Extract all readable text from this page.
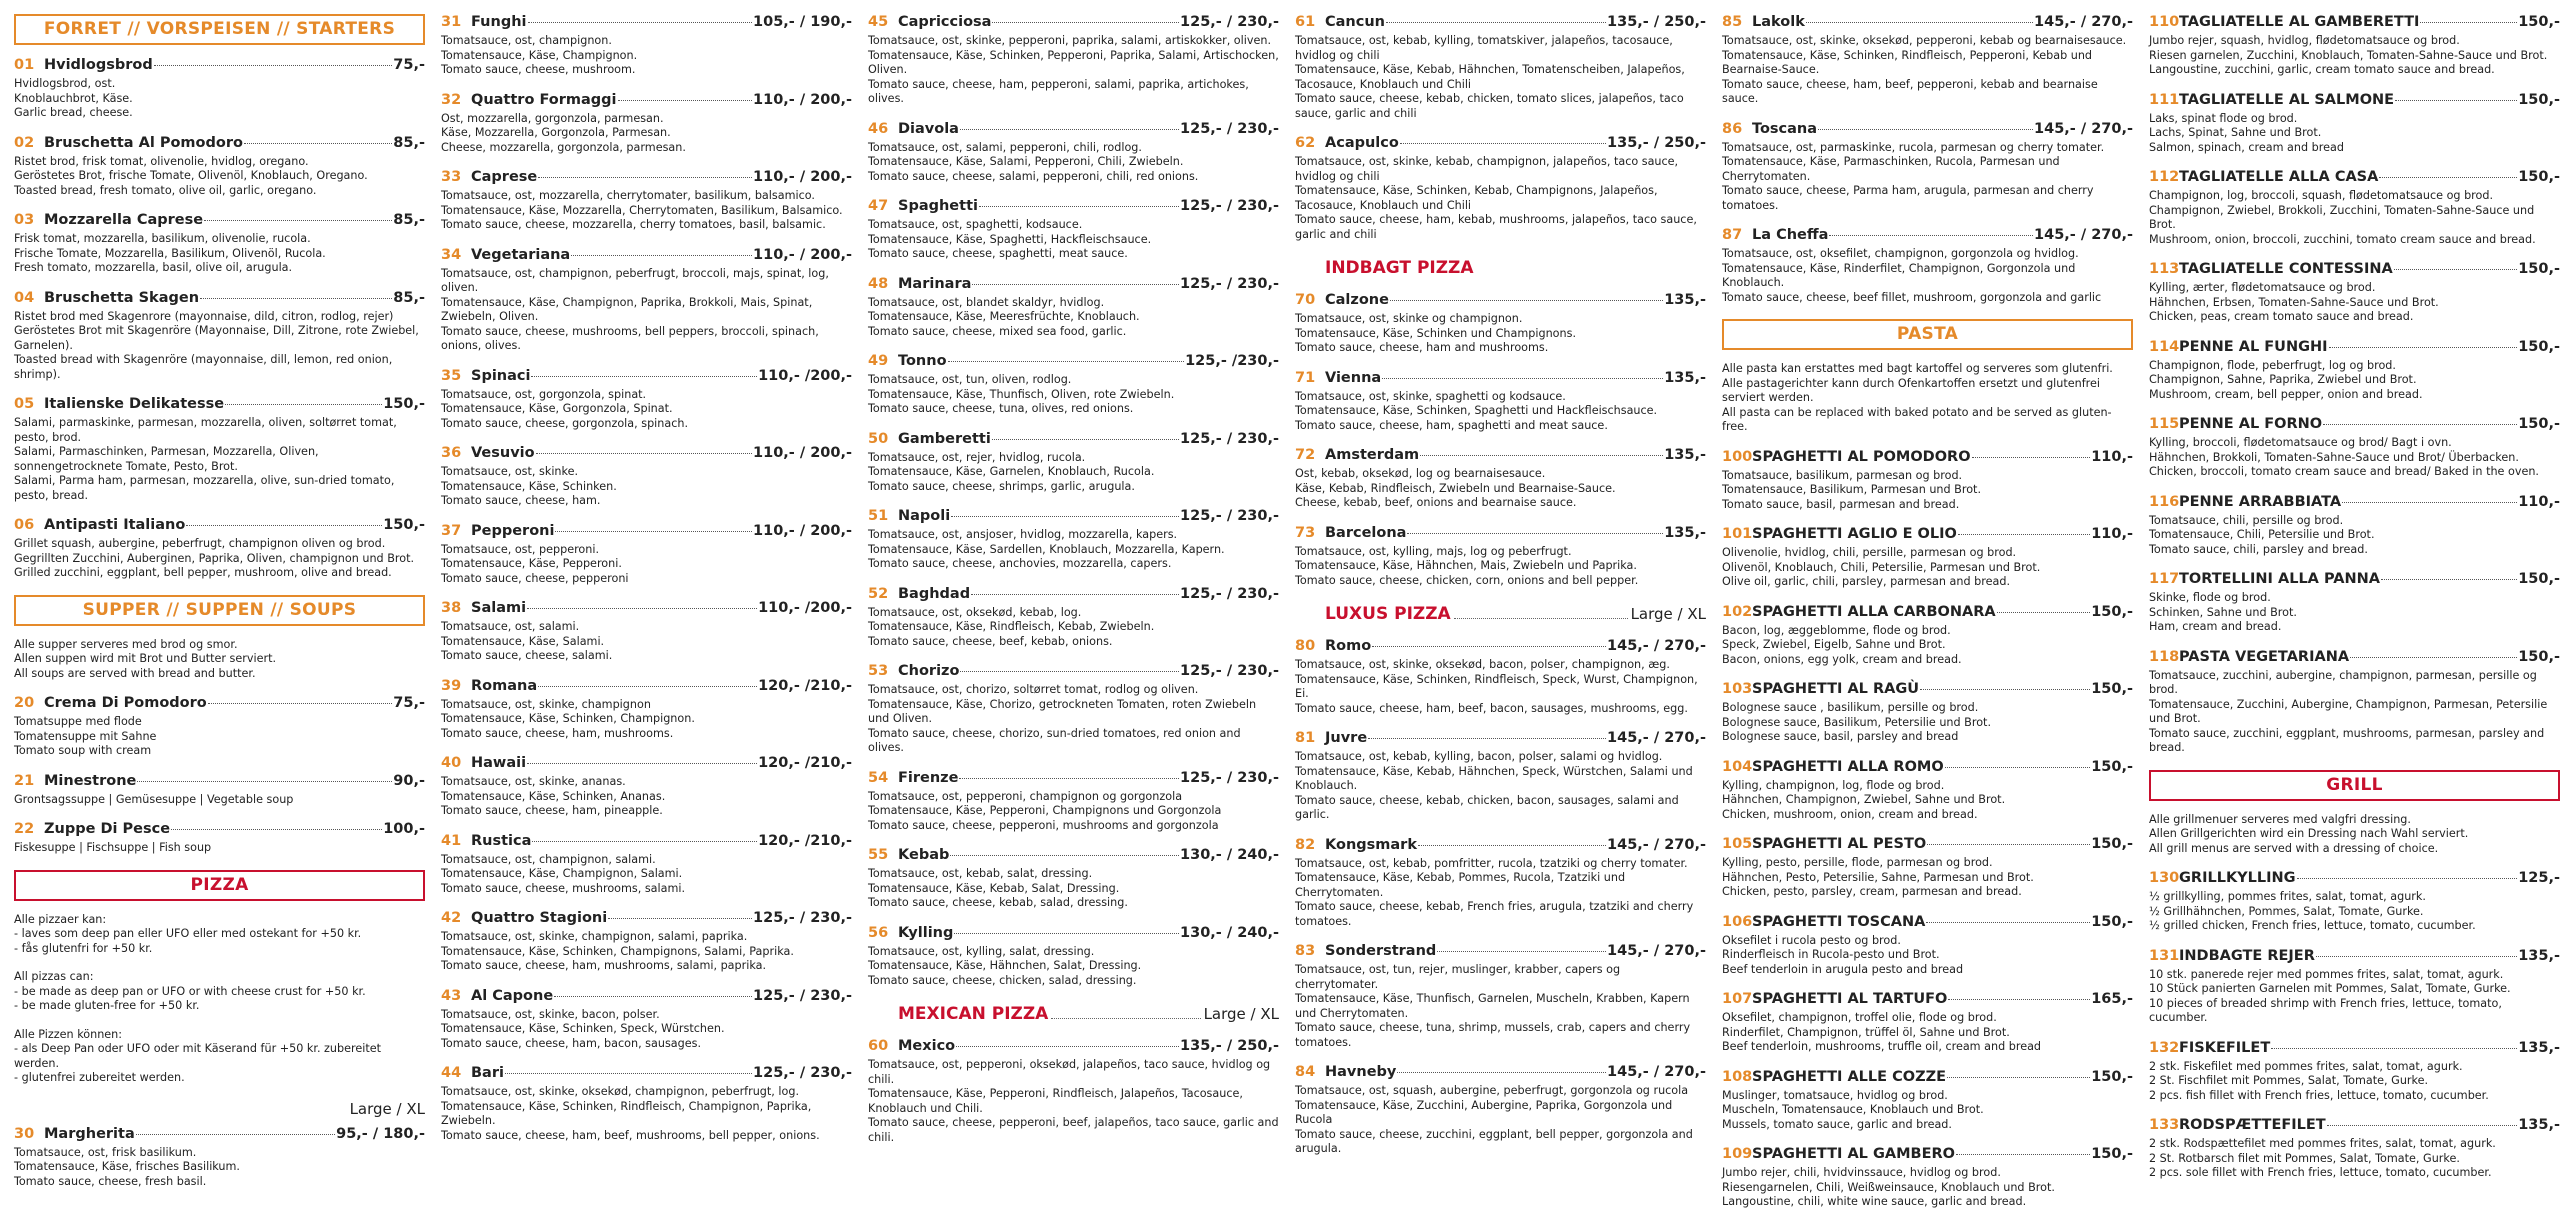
FORRET // VORSPEISEN // STARTERS
01 Hvidlogsbrod	75,-
Hvidlogsbrod, ost.
Knoblauchbrot, Käse.
Garlic bread, cheese.
02 Bruschetta Al Pomodoro	85,-
Ristet brod, frisk tomat, olivenolie, hvidlog, oregano.
Geröstetes Brot, frische Tomate, Olivenöl, Knoblauch, Oregano.
Toasted bread, fresh tomato, olive oil, garlic, oregano.
03 Mozzarella Caprese	85,-
Frisk tomat, mozzarella, basilikum, olivenolie, rucola.
Frische Tomate, Mozzarella, Basilikum, Olivenöl, Rucola.
Fresh tomato, mozzarella, basil, olive oil, arugula.
04 Bruschetta Skagen	85,-
Ristet brod med Skagenrore (mayonnaise, dild, citron, rodlog, rejer)
Geröstetes Brot mit Skagenröre (Mayonnaise, Dill, Zitrone, rote Zwiebel, Garnelen).
Toasted bread with Skagenröre (mayonnaise, dill, lemon, red onion, shrimp).
05 Italienske Delikatesse	150,-
Salami, parmaskinke, parmesan, mozzarella, oliven, soltørret tomat, pesto, brod.
Salami, Parmaschinken, Parmesan, Mozzarella, Oliven, sonnengetrocknete Tomate, Pesto, Brot.
Salami, Parma ham, parmesan, mozzarella, olive, sun-dried tomato, pesto, bread.
06 Antipasti Italiano	150,-
Grillet squash, aubergine, peberfrugt, champignon oliven og brod.
Gegrillten Zucchini, Auberginen, Paprika, Oliven, champignon und Brot.
Grilled zucchini, eggplant, bell pepper, mushroom, olive and bread.
SUPPER // SUPPEN // SOUPS
Alle supper serveres med brod og smor.
Allen suppen wird mit Brot und Butter serviert.
All soups are served with bread and butter.
20 Crema Di Pomodoro	75,-
Tomatsuppe med flode
Tomatensuppe mit Sahne
Tomato soup with cream
21 Minestrone	90,-
Grontsagssuppe | Gemüsesuppe | Vegetable soup
22 Zuppe Di Pesce	100,-
Fiskesuppe | Fischsuppe | Fish soup
PIZZA
Alle pizzaer kan:
- laves som deep pan eller UFO eller med ostekant for +50 kr.
- fås glutenfri for +50 kr.
All pizzas can:
- be made as deep pan or UFO or with cheese crust for +50 kr.
- be made gluten-free for +50 kr.
Alle Pizzen können:
- als Deep Pan oder UFO oder mit Käserand für +50 kr. zubereitet werden.
- glutenfrei zubereitet werden.
Large / XL
30 Margherita	95,- / 180,-
Tomatsauce, ost, frisk basilikum.
Tomatensauce, Käse, frisches Basilikum.
Tomato sauce, cheese, fresh basil.
31 Funghi	105,- / 190,-
Tomatsauce, ost, champignon.
Tomatensauce, Käse, Champignon.
Tomato sauce, cheese, mushroom.
32 Quattro Formaggi	110,- / 200,-
Ost, mozzarella, gorgonzola, parmesan.
Käse, Mozzarella, Gorgonzola, Parmesan.
Cheese, mozzarella, gorgonzola, parmesan.
33 Caprese	110,- / 200,-
Tomatsauce, ost, mozzarella, cherrytomater, basilikum, balsamico.
Tomatensauce, Käse, Mozzarella, Cherrytomaten, Basilikum, Balsamico.
Tomato sauce, cheese, mozzarella, cherry tomatoes, basil, balsamic.
34 Vegetariana	110,- / 200,-
Tomatsauce, ost, champignon, peberfrugt, broccoli, majs, spinat, log, oliven.
Tomatensauce, Käse, Champignon, Paprika, Brokkoli, Mais, Spinat, Zwiebeln, Oliven.
Tomato sauce, cheese, mushrooms, bell peppers, broccoli, spinach, onions, olives.
35 Spinaci	110,- /200,-
Tomatsauce, ost, gorgonzola, spinat.
Tomatensauce, Käse, Gorgonzola, Spinat.
Tomato sauce, cheese, gorgonzola, spinach.
36 Vesuvio	110,- / 200,-
Tomatsauce, ost, skinke.
Tomatensauce, Käse, Schinken.
Tomato sauce, cheese, ham.
37 Pepperoni	110,- / 200,-
Tomatsauce, ost, pepperoni.
Tomatensauce, Käse, Pepperoni.
Tomato sauce, cheese, pepperoni
38 Salami	110,- /200,-
Tomatsauce, ost, salami.
Tomatensauce, Käse, Salami.
Tomato sauce, cheese, salami.
39 Romana	120,- /210,-
Tomatsauce, ost, skinke, champignon
Tomatensauce, Käse, Schinken, Champignon.
Tomato sauce, cheese, ham, mushrooms.
40 Hawaii	120,- /210,-
Tomatsauce, ost, skinke, ananas.
Tomatensauce, Käse, Schinken, Ananas.
Tomato sauce, cheese, ham, pineapple.
41 Rustica	120,- /210,-
Tomatsauce, ost, champignon, salami.
Tomatensauce, Käse, Champignon, Salami.
Tomato sauce, cheese, mushrooms, salami.
42 Quattro Stagioni	125,- / 230,-
Tomatsauce, ost, skinke, champignon, salami, paprika.
Tomatensauce, Käse, Schinken, Champignons, Salami, Paprika.
Tomato sauce, cheese, ham, mushrooms, salami, paprika.
43 Al Capone	125,- / 230,-
Tomatsauce, ost, skinke, bacon, polser.
Tomatensauce, Käse, Schinken, Speck, Würstchen.
Tomato sauce, cheese, ham, bacon, sausages.
44 Bari	125,- / 230,-
Tomatsauce, ost, skinke, oksekød, champignon, peberfrugt, log.
Tomatensauce, Käse, Schinken, Rindfleisch, Champignon, Paprika, Zwiebeln.
Tomato sauce, cheese, ham, beef, mushrooms, bell pepper, onions.
45 Capricciosa	125,- / 230,-
Tomatsauce, ost, skinke, pepperoni, paprika, salami, artiskokker, oliven.
Tomatensauce, Käse, Schinken, Pepperoni, Paprika, Salami, Artischocken, Oliven.
Tomato sauce, cheese, ham, pepperoni, salami, paprika, artichokes, olives.
46 Diavola	125,- / 230,-
Tomatsauce, ost, salami, pepperoni, chili, rodlog.
Tomatensauce, Käse, Salami, Pepperoni, Chili, Zwiebeln.
Tomato sauce, cheese, salami, pepperoni, chili, red onions.
47 Spaghetti	125,- / 230,-
Tomatsauce, ost, spaghetti, kodsauce.
Tomatensauce, Käse, Spaghetti, Hackfleischsauce.
Tomato sauce, cheese, spaghetti, meat sauce.
48 Marinara	125,- / 230,-
Tomatsauce, ost, blandet skaldyr, hvidlog.
Tomatensauce, Käse, Meeresfrüchte, Knoblauch.
Tomato sauce, cheese, mixed sea food, garlic.
49 Tonno	125,- /230,-
Tomatsauce, ost, tun, oliven, rodlog.
Tomatensauce, Käse, Thunfisch, Oliven, rote Zwiebeln.
Tomato sauce, cheese, tuna, olives, red onions.
50 Gamberetti	125,- / 230,-
Tomatsauce, ost, rejer, hvidlog, rucola.
Tomatensauce, Käse, Garnelen, Knoblauch, Rucola.
Tomato sauce, cheese, shrimps, garlic, arugula.
51 Napoli	125,- / 230,-
Tomatsauce, ost, ansjoser, hvidlog, mozzarella, kapers.
Tomatensauce, Käse, Sardellen, Knoblauch, Mozzarella, Kapern.
Tomato sauce, cheese, anchovies, mozzarella, capers.
52 Baghdad	125,- / 230,-
Tomatsauce, ost, oksekød, kebab, log.
Tomatensauce, Käse, Rindfleisch, Kebab, Zwiebeln.
Tomato sauce, cheese, beef, kebab, onions.
53 Chorizo	125,- / 230,-
Tomatsauce, ost, chorizo, soltørret tomat, rodlog og oliven.
Tomatensauce, Käse, Chorizo, getrockneten Tomaten, roten Zwiebeln und Oliven.
Tomato sauce, cheese, chorizo, sun-dried tomatoes, red onion and olives.
54 Firenze	125,- / 230,-
Tomatsauce, ost, pepperoni, champignon og gorgonzola
Tomatensauce, Käse, Pepperoni, Champignons und Gorgonzola
Tomato sauce, cheese, pepperoni, mushrooms and gorgonzola
55 Kebab	130,- / 240,-
Tomatsauce, ost, kebab, salat, dressing.
Tomatensauce, Käse, Kebab, Salat, Dressing.
Tomato sauce, cheese, kebab, salad, dressing.
56 Kylling	130,- / 240,-
Tomatsauce, ost, kylling, salat, dressing.
Tomatensauce, Käse, Hähnchen, Salat, Dressing.
Tomato sauce, cheese, chicken, salad, dressing.
MEXICAN PIZZA	Large / XL
60 Mexico	135,- / 250,-
Tomatsauce, ost, pepperoni, oksekød, jalapeños, taco sauce, hvidlog og chili.
Tomatensauce, Käse, Pepperoni, Rindfleisch, Jalapeños, Tacosauce, Knoblauch und Chili.
Tomato sauce, cheese, pepperoni, beef, jalapeños, taco sauce, garlic and chili.
61 Cancun	135,- / 250,-
Tomatsauce, ost, kebab, kylling, tomatskiver, jalapeños, tacosauce, hvidlog og chili
Tomatensauce, Käse, Kebab, Hähnchen, Tomatenscheiben, Jalapeños, Tacosauce, Knoblauch und Chili
Tomato sauce, cheese, kebab, chicken, tomato slices, jalapeños, taco sauce, garlic and chili
62 Acapulco	135,- / 250,-
Tomatsauce, ost, skinke, kebab, champignon, jalapeños, taco sauce, hvidlog og chili
Tomatensauce, Käse, Schinken, Kebab, Champignons, Jalapeños, Tacosauce, Knoblauch und Chili
Tomato sauce, cheese, ham, kebab, mushrooms, jalapeños, taco sauce, garlic and chili
INDBAGT PIZZA
70 Calzone	135,-
Tomatsauce, ost, skinke og champignon.
Tomatensauce, Käse, Schinken und Champignons.
Tomato sauce, cheese, ham and mushrooms.
71 Vienna	135,-
Tomatsauce, ost, skinke, spaghetti og kodsauce.
Tomatensauce, Käse, Schinken, Spaghetti und Hackfleischsauce.
Tomato sauce, cheese, ham, spaghetti and meat sauce.
72 Amsterdam	135,-
Ost, kebab, oksekød, log og bearnaisesauce.
Käse, Kebab, Rindfleisch, Zwiebeln und Bearnaise-Sauce.
Cheese, kebab, beef, onions and bearnaise sauce.
73 Barcelona	135,-
Tomatsauce, ost, kylling, majs, log og peberfrugt.
Tomatensauce, Käse, Hähnchen, Mais, Zwiebeln und Paprika.
Tomato sauce, cheese, chicken, corn, onions and bell pepper.
LUXUS PIZZA	Large / XL
80 Romo	145,- / 270,-
Tomatsauce, ost, skinke, oksekød, bacon, polser, champignon, æg.
Tomatensauce, Käse, Schinken, Rindfleisch, Speck, Wurst, Champignon, Ei.
Tomato sauce, cheese, ham, beef, bacon, sausages, mushrooms, egg.
81 Juvre	145,- / 270,-
Tomatsauce, ost, kebab, kylling, bacon, polser, salami og hvidlog.
Tomatensauce, Käse, Kebab, Hähnchen, Speck, Würstchen, Salami und Knoblauch.
Tomato sauce, cheese, kebab, chicken, bacon, sausages, salami and garlic.
82 Kongsmark	145,- / 270,-
Tomatsauce, ost, kebab, pomfritter, rucola, tzatziki og cherry tomater.
Tomatensauce, Käse, Kebab, Pommes, Rucola, Tzatziki und Cherrytomaten.
Tomato sauce, cheese, kebab, French fries, arugula, tzatziki and cherry tomatoes.
83 Sonderstrand	145,- / 270,-
Tomatsauce, ost, tun, rejer, muslinger, krabber, capers og cherrytomater.
Tomatensauce, Käse, Thunfisch, Garnelen, Muscheln, Krabben, Kapern und Cherrytomaten.
Tomato sauce, cheese, tuna, shrimp, mussels, crab, capers and cherry tomatoes.
84 Havneby	145,- / 270,-
Tomatsauce, ost, squash, aubergine, peberfrugt, gorgonzola og rucola
Tomatensauce, Käse, Zucchini, Aubergine, Paprika, Gorgonzola und Rucola
Tomato sauce, cheese, zucchini, eggplant, bell pepper, gorgonzola and arugula.
85 Lakolk	145,- / 270,-
Tomatsauce, ost, skinke, oksekød, pepperoni, kebab og bearnaisesauce.
Tomatensauce, Käse, Schinken, Rindfleisch, Pepperoni, Kebab und Bearnaise-Sauce.
Tomato sauce, cheese, ham, beef, pepperoni, kebab and bearnaise sauce.
86 Toscana	145,- / 270,-
Tomatsauce, ost, parmaskinke, rucola, parmesan og cherry tomater.
Tomatensauce, Käse, Parmaschinken, Rucola, Parmesan und Cherrytomaten.
Tomato sauce, cheese, Parma ham, arugula, parmesan and cherry tomatoes.
87 La Cheffa	145,- / 270,-
Tomatsauce, ost, oksefilet, champignon, gorgonzola og hvidlog.
Tomatensauce, Käse, Rinderfilet, Champignon, Gorgonzola und Knoblauch.
Tomato sauce, cheese, beef fillet, mushroom, gorgonzola and garlic
PASTA
Alle pasta kan erstattes med bagt kartoffel og serveres som glutenfri.
Alle pastagerichter kann durch Ofenkartoffen ersetzt und glutenfrei serviert werden.
All pasta can be replaced with baked potato and be served as gluten-free.
100 SPAGHETTI AL POMODORO	110,-
Tomatsauce, basilikum, parmesan og brod.
Tomatensauce, Basilikum, Parmesan und Brot.
Tomato sauce, basil, parmesan and bread.
101 SPAGHETTI AGLIO E OLIO	110,-
Olivenolie, hvidlog, chili, persille, parmesan og brod.
Olivenöl, Knoblauch, Chili, Petersilie, Parmesan und Brot.
Olive oil, garlic, chili, parsley, parmesan and bread.
102 SPAGHETTI ALLA CARBONARA	150,-
Bacon, log, æggeblomme, flode og brod.
Speck, Zwiebel, Eigelb, Sahne und Brot.
Bacon, onions, egg yolk, cream and bread.
103 SPAGHETTI AL RAGÙ	150,-
Bolognese sauce , basilikum, persille og brod.
Bolognese sauce, Basilikum, Petersilie und Brot.
Bolognese sauce, basil, parsley and bread
104 SPAGHETTI ALLA ROMO	150,-
Kylling, champignon, log, flode og brod.
Hähnchen, Champignon, Zwiebel, Sahne und Brot.
Chicken, mushroom, onion, cream and bread.
105 SPAGHETTI AL PESTO	150,-
Kylling, pesto, persille, flode, parmesan og brod.
Hähnchen, Pesto, Petersilie, Sahne, Parmesan und Brot.
Chicken, pesto, parsley, cream, parmesan and bread.
106 SPAGHETTI TOSCANA	150,-
Oksefilet i rucola pesto og brod.
Rinderfleisch in Rucola-pesto und Brot.
Beef tenderloin in arugula pesto and bread
107 SPAGHETTI AL TARTUFO	165,-
Oksefilet, champignon, troffel olie, flode og brod.
Rinderfilet, Champignon, trüffel öl, Sahne und Brot.
Beef tenderloin, mushrooms, truffle oil, cream and bread
108 SPAGHETTI ALLE COZZE	150,-
Muslinger, tomatsauce, hvidlog og brod.
Muscheln, Tomatensauce, Knoblauch und Brot.
Mussels, tomato sauce, garlic and bread.
109 SPAGHETTI AL GAMBERO	150,-
Jumbo rejer, chili, hvidvinssauce, hvidlog og brod.
Riesengarnelen, Chili, Weißweinsauce, Knoblauch und Brot.
Langoustine, chili, white wine sauce, garlic and bread.
110 TAGLIATELLE AL GAMBERETTI	150,-
Jumbo rejer, squash, hvidlog, flødetomatsauce og brod.
Riesen garnelen, Zucchini, Knoblauch, Tomaten-Sahne-Sauce und Brot.
Langoustine, zucchini, garlic, cream tomato sauce and bread.
111 TAGLIATELLE AL SALMONE	150,-
Laks, spinat flode og brod.
Lachs, Spinat, Sahne und Brot.
Salmon, spinach, cream and bread
112 TAGLIATELLE ALLA CASA	150,-
Champignon, log, broccoli, squash, flødetomatsauce og brod.
Champignon, Zwiebel, Brokkoli, Zucchini, Tomaten-Sahne-Sauce und Brot.
Mushroom, onion, broccoli, zucchini, tomato cream sauce and bread.
113 TAGLIATELLE CONTESSINA	150,-
Kylling, ærter, flødetomatsauce og brod.
Hähnchen, Erbsen, Tomaten-Sahne-Sauce und Brot.
Chicken, peas, cream tomato sauce and bread.
114 PENNE AL FUNGHI	150,-
Champignon, flode, peberfrugt, log og brod.
Champignon, Sahne, Paprika, Zwiebel und Brot.
Mushroom, cream, bell pepper, onion and bread.
115 PENNE AL FORNO	150,-
Kylling, broccoli, flødetomatsauce og brod/ Bagt i ovn.
Hähnchen, Brokkoli, Tomaten-Sahne-Sauce und Brot/ Überbacken.
Chicken, broccoli, tomato cream sauce and bread/ Baked in the oven.
116 PENNE ARRABBIATA	110,-
Tomatsauce, chili, persille og brod.
Tomatensauce, Chili, Petersilie und Brot.
Tomato sauce, chili, parsley and bread.
117 TORTELLINI ALLA PANNA	150,-
Skinke, flode og brod.
Schinken, Sahne und Brot.
Ham, cream and bread.
118 PASTA VEGETARIANA	150,-
Tomatsauce, zucchini, aubergine, champignon, parmesan, persille og brod.
Tomatensauce, Zucchini, Aubergine, Champignon, Parmesan, Petersilie und Brot.
Tomato sauce, zucchini, eggplant, mushrooms, parmesan, parsley and bread.
GRILL
Alle grillmenuer serveres med valgfri dressing.
Allen Grillgerichten wird ein Dressing nach Wahl serviert.
All grill menus are served with a dressing of choice.
130 GRILLKYLLING	125,-
½ grillkylling, pommes frites, salat, tomat, agurk.
½ Grillhähnchen, Pommes, Salat, Tomate, Gurke.
½ grilled chicken, French fries, lettuce, tomato, cucumber.
131 INDBAGTE REJER	135,-
10 stk. panerede rejer med pommes frites, salat, tomat, agurk.
10 Stück panierten Garnelen mit Pommes, Salat, Tomate, Gurke.
10 pieces of breaded shrimp with French fries, lettuce, tomato, cucumber.
132 FISKEFILET	135,-
2 stk. Fiskefilet med pommes frites, salat, tomat, agurk.
2 St. Fischfilet mit Pommes, Salat, Tomate, Gurke.
2 pcs. fish fillet with French fries, lettuce, tomato, cucumber.
133 RODSPÆTTEFILET	135,-
2 stk. Rodspættefilet med pommes frites, salat, tomat, agurk.
2 St. Rotbarsch filet mit Pommes, Salat, Tomate, Gurke.
2 pcs. sole fillet with French fries, lettuce, tomato, cucumber.
